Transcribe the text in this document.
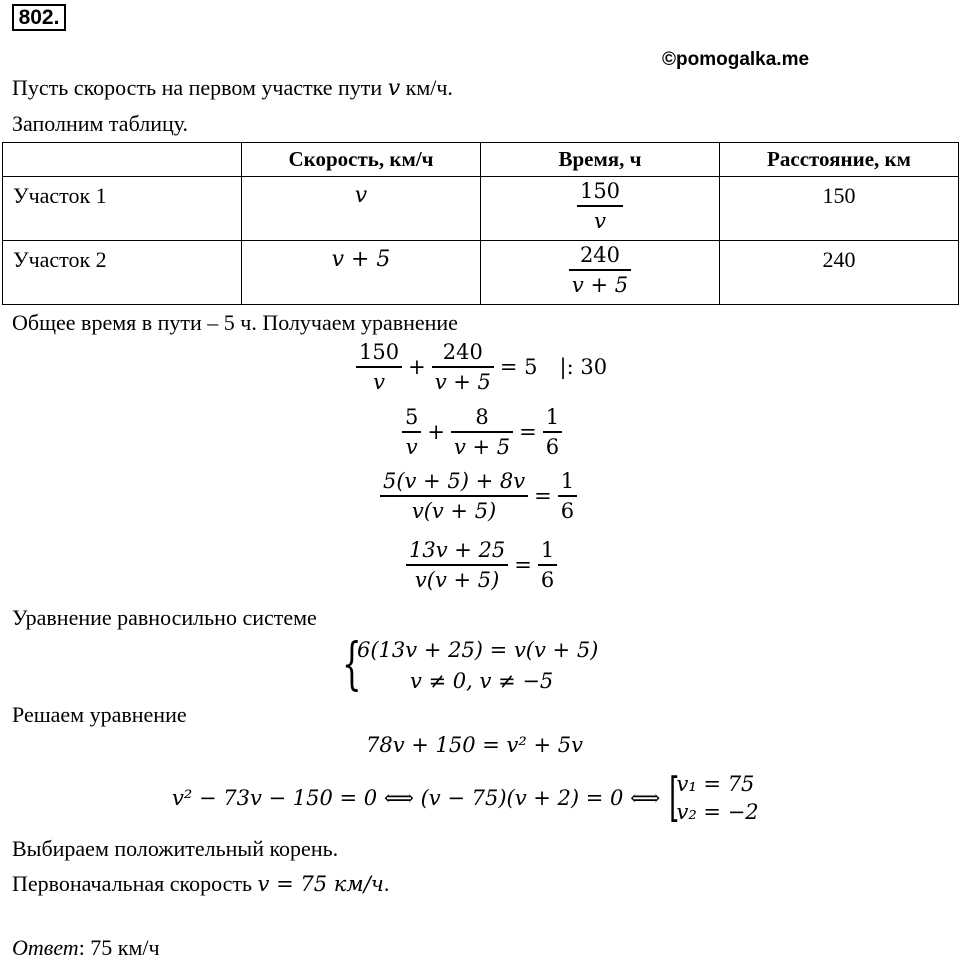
802.
©pomogalka.me
Пусть скорость на первом участке пути v км/ч.
Заполним таблицу.
	Скорость, км/ч	Время, ч	Расстояние, км
Участок 1	v	$\frac{150}{v}$	150
Участок 2	v + 5	$\frac{240}{v + 5}$	240
Общее время в пути – 5 ч. Получаем уравнение
$\frac{150}{v} + \frac{240}{v + 5} = 5$ |: 30
$\frac{5}{v} + \frac{8}{v + 5} = \frac{1}{6}$
$\frac{5(v + 5) + 8v}{v(v + 5)} = \frac{1}{6}$
$\frac{13v + 25}{v(v + 5)} = \frac{1}{6}$
Уравнение равносильно системе
{
6(13v + 25) = v(v + 5)
v ≠ 0, v ≠ −5
Решаем уравнение
78v + 150 = v² + 5v
v² − 73v − 150 = 0 ⟺ (v − 75)(v + 2) = 0 ⟺ [
v₁ = 75
v₂ = −2
Выбираем положительный корень.
Первоначальная скорость v = 75 км/ч.
Ответ: 75 км/ч
